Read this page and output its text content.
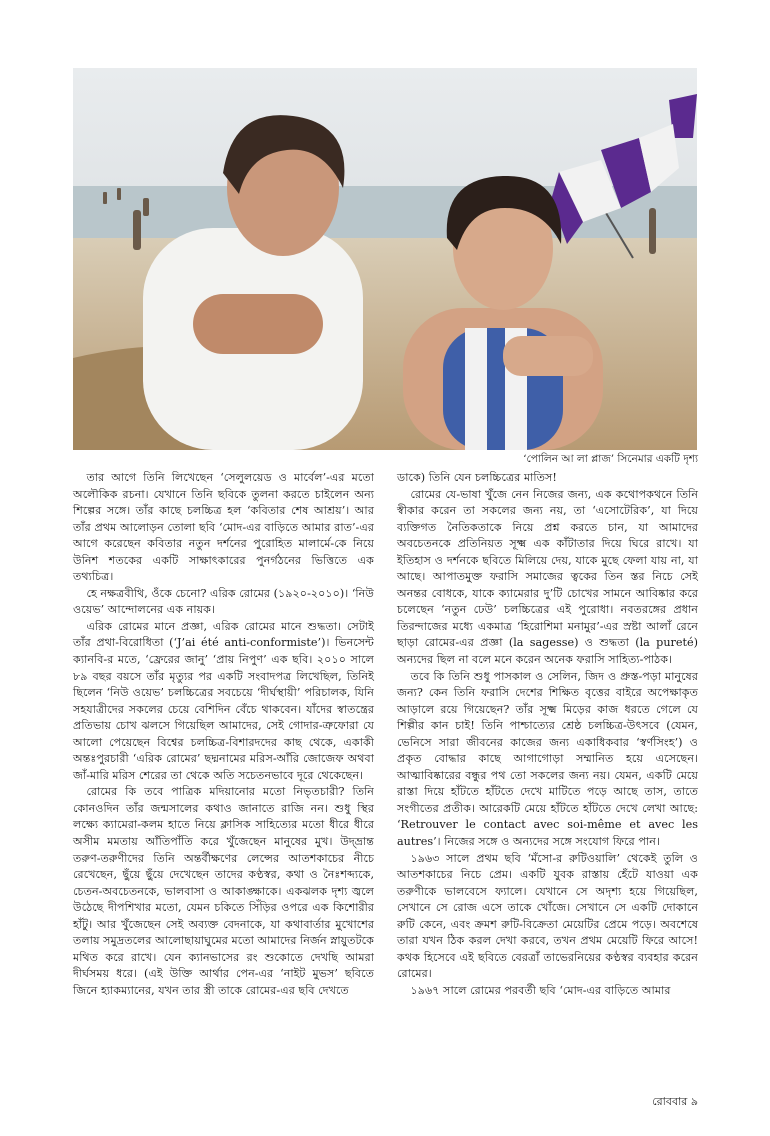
‘পোলিন আ লা প্লাজ’ সিনেমার একটি দৃশ্য

তার আগে তিনি লিখেছেন ‘সেলুলয়েড ও মার্বেল’-এর মতো অলৌকিক রচনা। যেখানে তিনি ছবিকে তুলনা করতে চাইলেন অন্য শিল্পের সঙ্গে। তাঁর কাছে চলচ্চিত্র হল ‘কবিতার শেষ আশ্রয়’। আর তাঁর প্রথম আলোড়ন তোলা ছবি ‘মোদ-এর বাড়িতে আমার রাত’-এর আগে করেছেন কবিতার নতুন দর্শনের পুরোহিত মালার্মে-কে নিয়ে উনিশ শতকের একটি সাক্ষাৎকারের পুনর্গঠনের ভিত্তিতে এক তথ্যচিত্র।

হে নক্ষত্রবীথি, ওঁকে চেনো? এরিক রোমের (১৯২০-২০১০)। ‘নিউ ওয়েভ’ আন্দোলনের এক নায়ক।

এরিক রোমের মানে প্রজ্ঞা, এরিক রোমের মানে শুদ্ধতা। সেটাই তাঁর প্রথা-বিরোধিতা (‘J’ai été anti-conformiste’)। ভিনসেন্ট ক্যানবি-র মতে, ‘ফ্রেরের জানু’ ‘প্রায় নিপুণ’ এক ছবি। ২০১০ সালে ৮৯ বছর বয়সে তাঁর মৃত্যুর পর একটি সংবাদপত্র লিখেছিল, তিনিই ছিলেন ‘নিউ ওয়েভ’ চলচ্চিত্রের সবচেয়ে ‘দীর্ঘস্থায়ী’ পরিচালক, যিনি সহযাত্রীদের সকলের চেয়ে বেশিদিন বেঁচে থাকবেন। যাঁদের স্বাতন্ত্রের প্রতিভায় চোখ ঝলসে গিয়েছিল আমাদের, সেই গোদার-ত্রুফোরা যে আলো পেয়েছেন বিশ্বের চলচ্চিত্র-বিশারদদের কাছ থেকে, একাকী অন্তঃপুরচারী ‘এরিক রোমের’ ছদ্মনামের মরিস-আঁরি জোজেফ অথবা জাঁ-মারি মরিস শেরের তা থেকে অতি সচেতনভাবে দূরে থেকেছেন।

রোমের কি তবে পাত্রিক মদিয়ানোর মতো নিভৃতচারী? তিনি কোনওদিন তাঁর জন্মসালের কথাও জানাতে রাজি নন। শুধু স্থির লক্ষ্যে ক্যামেরা-কলম হাতে নিয়ে ক্লাসিক সাহিত্যের মতো ধীরে ধীরে অসীম মমতায় আঁতিপাঁতি করে খুঁজেছেন মানুষের মুখ। উদ্‌ভ্রান্ত তরুণ-তরুণীদের তিনি অন্তর্বীক্ষণের লেন্সের আতশকাচের নীচে রেখেছেন, ছুঁয়ে ছুঁয়ে দেখেছেন তাদের কণ্ঠস্বর, কথা ও নৈঃশব্দ্যকে, চেতন-অবচেতনকে, ভালবাসা ও আকাঙ্ক্ষাকে। একঝলক দৃশ্য জ্বলে উঠেছে দীপশিখার মতো, যেমন চকিতে সিঁড়ির ওপরে এক কিশোরীর হাঁটু। আর খুঁজেছেন সেই অব্যক্ত বেদনাকে, যা কথাবার্তার মুখোশের তলায় সমুদ্রতলের আলোছায়াঘুমের মতো আমাদের নির্জন স্নায়ুতটকে মথিত করে রাখে। যেন ক্যানভাসের রং শুকোতে দেখছি আমরা দীর্ঘসময় ধরে। (এই উক্তি আর্থার পেন-এর ‘নাইট মুভস’ ছবিতে জিনে হ্যাকম্যানের, যখন তার স্ত্রী তাকে রোমের-এর ছবি দেখতে

ডাকে) তিনি যেন চলচ্চিত্রের মাতিস!

রোমের যে-ভাষা খুঁজে নেন নিজের জন্য, এক কথোপকথনে তিনি স্বীকার করেন তা সকলের জন্য নয়, তা ‘এসোটেরিক’, যা দিয়ে ব্যক্তিগত নৈতিকতাকে নিয়ে প্রশ্ন করতে চান, যা আমাদের অবচেতনকে প্রতিনিয়ত সূক্ষ্ম এক কাঁটাতার দিয়ে ঘিরে রাখে। যা ইতিহাস ও দর্শনকে ছবিতে মিলিয়ে দেয়, যাকে মুছে ফেলা যায় না, যা আছে। আপাতমুক্ত ফরাসি সমাজের ত্বকের তিন স্তর নিচে সেই অনন্তর বোধকে, যাকে ক্যামেরার দু’টি চোখের সামনে আবিষ্কার করে চলেছেন ‘নতুন ঢেউ’ চলচ্চিত্রের এই পুরোধা। নবতরঙ্গের প্রধান তিরন্দাজের মধ্যে একমাত্র ‘হিরোশিমা মনামুর’-এর স্রষ্টা আলাঁ রেনে ছাড়া রোমের-এর প্রজ্ঞা (la sagesse) ও শুদ্ধতা (la pureté) অন্যদের ছিল না বলে মনে করেন অনেক ফরাসি সাহিত্য-পাঠক।

তবে কি তিনি শুধু পাসকাল ও সেলিন, জিদ ও প্রুস্ত-পড়া মানুষের জন্য? কেন তিনি ফরাসি দেশের শিক্ষিত বৃত্তের বাইরে অপেক্ষাকৃত আড়ালে রয়ে গিয়েছেন? তাঁর সূক্ষ্ম মিড়ের কাজ ধরতে গেলে যে শিল্পীর কান চাই! তিনি পাশ্চাত্যের শ্রেষ্ঠ চলচ্চিত্র-উৎসবে (যেমন, ভেনিসে সারা জীবনের কাজের জন্য একাধিকবার ‘স্বর্ণসিংহ’) ও প্রকৃত বোদ্ধার কাছে আগাগোড়া সম্মানিত হয়ে এসেছেন। আত্মাবিষ্কারের বন্ধুর পথ তো সকলের জন্য নয়। যেমন, একটি মেয়ে রাস্তা দিয়ে হাঁটতে হাঁটতে দেখে মাটিতে পড়ে আছে তাস, তাতে সংগীতের প্রতীক। আরেকটি মেয়ে হাঁটতে হাঁটতে দেখে লেখা আছে: ‘Retrouver le contact avec soi-même et avec les autres’। নিজের সঙ্গে ও অন্যদের সঙ্গে সংযোগ ফিরে পান।

১৯৬৩ সালে প্রথম ছবি ‘মঁসো-র রুটিওয়ালি’ থেকেই তুলি ও আতশকাচের নিচে প্রেম। একটি যুবক রাস্তায় হেঁটে যাওয়া এক তরুণীকে ভালবেসে ফ্যালে। যেখানে সে অদৃশ্য হয়ে গিয়েছিল, সেখানে সে রোজ এসে তাকে খোঁজে। সেখানে সে একটি দোকানে রুটি কেনে, এবং ক্রমশ রুটি-বিক্রেতা মেয়েটির প্রেমে পড়ে। অবশেষে তারা যখন ঠিক করল দেখা করবে, তখন প্রথম মেয়েটি ফিরে আসে! কথক হিসেবে এই ছবিতে বেরত্রাঁ তাভেরনিয়ের কণ্ঠস্বর ব্যবহার করেন রোমের।

১৯৬৭ সালে রোমের পরবর্তী ছবি ‘মোদ-এর বাড়িতে আমার

রোববার ৯
